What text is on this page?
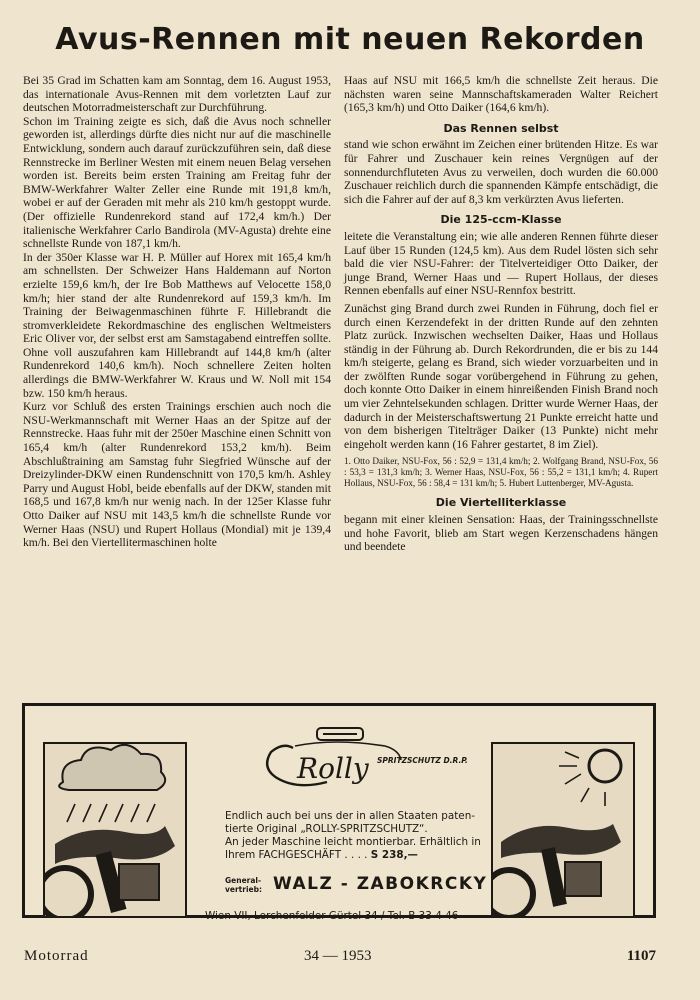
Avus-Rennen mit neuen Rekorden

Bei 35 Grad im Schatten kam am Sonntag, dem 16. August 1953, das internationale Avus-Rennen mit dem vorletzten Lauf zur deutschen Motorradmeisterschaft zur Durchführung.

Schon im Training zeigte es sich, daß die Avus noch schneller geworden ist, allerdings dürfte dies nicht nur auf die maschinelle Entwicklung, sondern auch darauf zurückzuführen sein, daß diese Rennstrecke im Berliner Westen mit einem neuen Belag versehen worden ist. Bereits beim ersten Training am Freitag fuhr der BMW-Werkfahrer Walter Zeller eine Runde mit 191,8 km/h, wobei er auf der Geraden mit mehr als 210 km/h gestoppt wurde. (Der offizielle Rundenrekord stand auf 172,4 km/h.) Der italienische Werkfahrer Carlo Bandirola (MV-Agusta) drehte eine schnellste Runde von 187,1 km/h.

In der 350er Klasse war H. P. Müller auf Horex mit 165,4 km/h am schnellsten. Der Schweizer Hans Haldemann auf Norton erzielte 159,6 km/h, der Ire Bob Matthews auf Velocette 158,0 km/h; hier stand der alte Rundenrekord auf 159,3 km/h. Im Training der Beiwagenmaschinen führte F. Hillebrandt die stromverkleidete Rekordmaschine des englischen Weltmeisters Eric Oliver vor, der selbst erst am Samstagabend eintreffen sollte. Ohne voll auszufahren kam Hillebrandt auf 144,8 km/h (alter Rundenrekord 140,6 km/h). Noch schnellere Zeiten holten allerdings die BMW-Werkfahrer W. Kraus und W. Noll mit 154 bzw. 150 km/h heraus.

Kurz vor Schluß des ersten Trainings erschien auch noch die NSU-Werkmannschaft mit Werner Haas an der Spitze auf der Rennstrecke. Haas fuhr mit der 250er Maschine einen Schnitt von 165,4 km/h (alter Rundenrekord 153,2 km/h). Beim Abschlußtraining am Samstag fuhr Siegfried Wünsche auf der Dreizylinder-DKW einen Rundenschnitt von 170,5 km/h. Ashley Parry und August Hobl, beide ebenfalls auf der DKW, standen mit 168,5 und 167,8 km/h nur wenig nach. In der 125er Klasse fuhr Otto Daiker auf NSU mit 143,5 km/h die schnellste Runde vor Werner Haas (NSU) und Rupert Hollaus (Mondial) mit je 139,4 km/h. Bei den Viertellitermaschinen holte

Haas auf NSU mit 166,5 km/h die schnellste Zeit heraus. Die nächsten waren seine Mannschaftskameraden Walter Reichert (165,3 km/h) und Otto Daiker (164,6 km/h).

Das Rennen selbst

stand wie schon erwähnt im Zeichen einer brütenden Hitze. Es war für Fahrer und Zuschauer kein reines Vergnügen auf der sonnendurchfluteten Avus zu verweilen, doch wurden die 60.000 Zuschauer reichlich durch die spannenden Kämpfe entschädigt, die sich die Fahrer auf der auf 8,3 km verkürzten Avus lieferten.

Die 125-ccm-Klasse

leitete die Veranstaltung ein; wie alle anderen Rennen führte dieser Lauf über 15 Runden (124,5 km). Aus dem Rudel lösten sich sehr bald die vier NSU-Fahrer: der Titelverteidiger Otto Daiker, der junge Brand, Werner Haas und — Rupert Hollaus, der dieses Rennen ebenfalls auf einer NSU-Rennfox bestritt.

Zunächst ging Brand durch zwei Runden in Führung, doch fiel er durch einen Kerzendefekt in der dritten Runde auf den zehnten Platz zurück. Inzwischen wechselten Daiker, Haas und Hollaus ständig in der Führung ab. Durch Rekordrunden, die er bis zu 144 km/h steigerte, gelang es Brand, sich wieder vorzuarbeiten und in der zwölften Runde sogar vorübergehend in Führung zu gehen, doch konnte Otto Daiker in einem hinreißenden Finish Brand noch um vier Zehntelsekunden schlagen. Dritter wurde Werner Haas, der dadurch in der Meisterschaftswertung 21 Punkte erreicht hatte und von dem bisherigen Titelträger Daiker (13 Punkte) nicht mehr eingeholt werden kann (16 Fahrer gestartet, 8 im Ziel).

1. Otto Daiker, NSU-Fox, 56 : 52,9 = 131,4 km/h; 2. Wolfgang Brand, NSU-Fox, 56 : 53,3 = 131,3 km/h; 3. Werner Haas, NSU-Fox, 56 : 55,2 = 131,1 km/h; 4. Rupert Hollaus, NSU-Fox, 56 : 58,4 = 131 km/h; 5. Hubert Luttenberger, MV-Agusta.

Die Viertelliterklasse

begann mit einer kleinen Sensation: Haas, der Trainingsschnellste und hohe Favorit, blieb am Start wegen Kerzenschadens hängen und beendete

SPRITZSCHUTZ D.R.P.
Rolly

Endlich auch bei uns der in allen Staaten paten-

tierte Original „ROLLY-SPRITZSCHUTZ“.

An jeder Maschine leicht montierbar. Erhältlich in

Ihrem FACHGESCHÄFT . . . . S 238,—

General-
vertrieb: WALZ - ZABOKRCKY
Wien VII, Lerchenfelder Gürtel 34 / Tel. B 33 4 46
Motorrad	34 — 1953	1107
